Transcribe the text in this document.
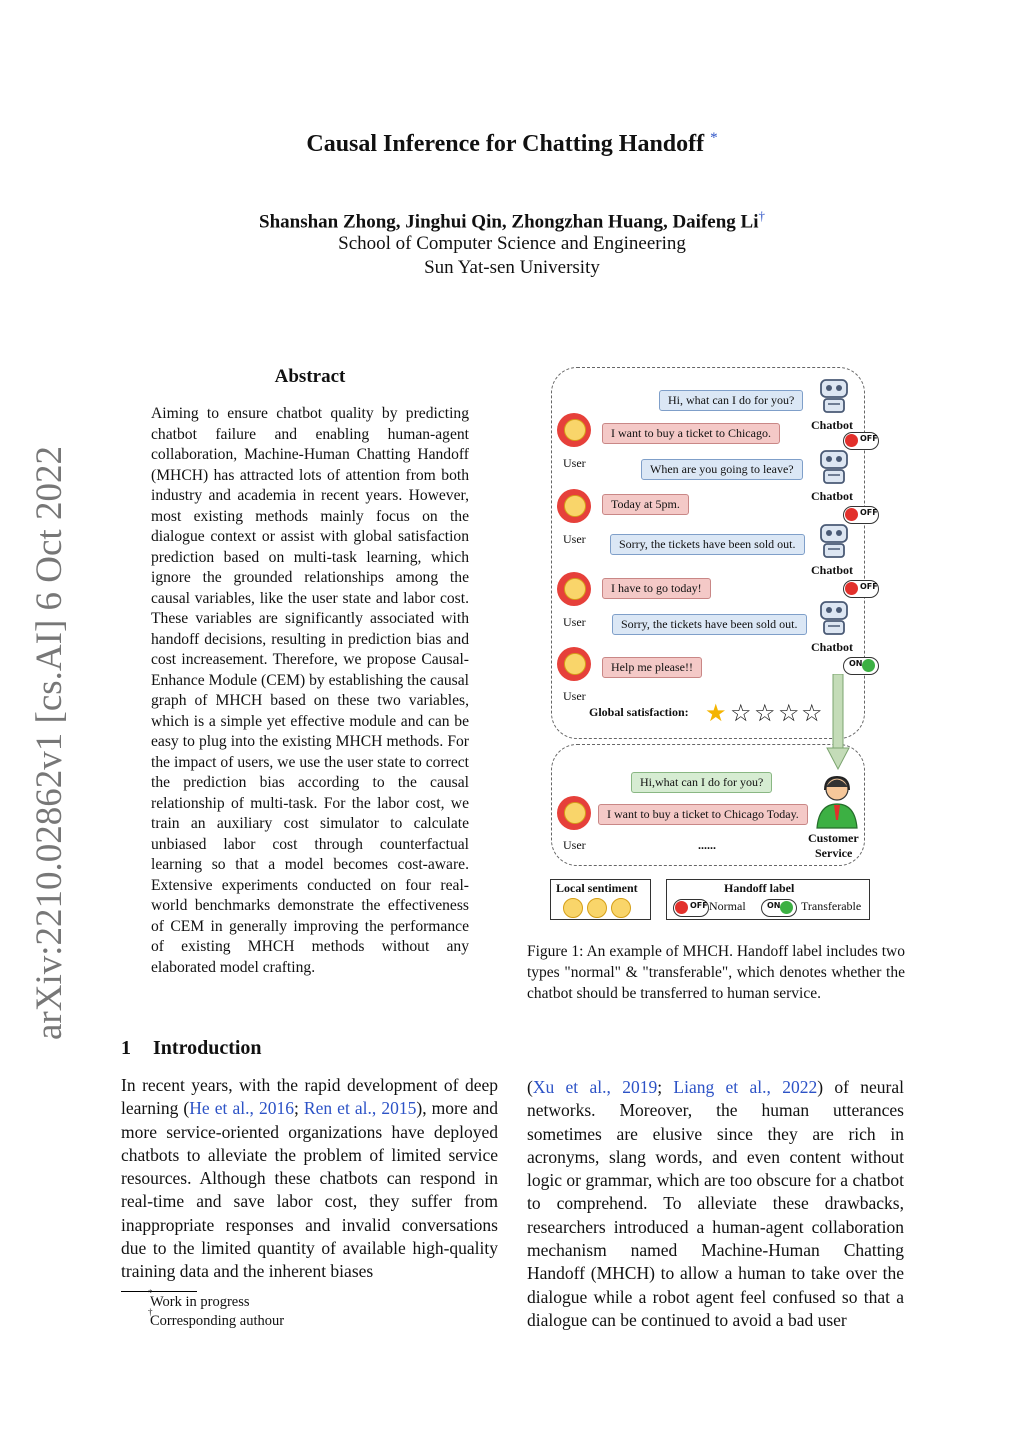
arXiv:2210.02862v1 [cs.AI] 6 Oct 2022
Causal Inference for Chatting Handoff *
Shanshan Zhong, Jinghui Qin, Zhongzhan Huang, Daifeng Li†
School of Computer Science and Engineering
Sun Yat-sen University
Abstract
Aiming to ensure chatbot quality by predicting chatbot failure and enabling human-agent collaboration, Machine-Human Chatting Handoff (MHCH) has attracted lots of attention from both industry and academia in recent years. However, most existing methods mainly focus on the dialogue context or assist with global satisfaction prediction based on multi-task learning, which ignore the grounded relationships among the causal variables, like the user state and labor cost. These variables are significantly associated with handoff decisions, resulting in prediction bias and cost increasement. Therefore, we propose Causal-Enhance Module (CEM) by establishing the causal graph of MHCH based on these two variables, which is a simple yet effective module and can be easy to plug into the existing MHCH methods. For the impact of users, we use the user state to correct the prediction bias according to the causal relationship of multi-task. For the labor cost, we train an auxiliary cost simulator to calculate unbiased labor cost through counterfactual learning so that a model becomes cost-aware. Extensive experiments conducted on four real-world benchmarks demonstrate the effectiveness of CEM in generally improving the performance of existing MHCH methods without any elaborated model crafting.
1 Introduction
In recent years, with the rapid development of deep learning (He et al., 2016; Ren et al., 2015), more and more service-oriented organizations have deployed chatbots to alleviate the problem of limited service resources. Although these chatbots can respond in real-time and save labor cost, they suffer from inappropriate responses and invalid conversations due to the limited quantity of available high-quality training data and the inherent biases
(Xu et al., 2019; Liang et al., 2022) of neural networks. Moreover, the human utterances sometimes are elusive since they are rich in acronyms, slang words, and even content without logic or grammar, which are too obscure for a chatbot to comprehend. To alleviate these drawbacks, researchers introduced a human-agent collaboration mechanism named Machine-Human Chatting Handoff (MHCH) to allow a human to take over the dialogue while a robot agent feel confused so that a dialogue can be continued to avoid a bad user
*
Work in progress
†
Corresponding authour
Hi, what can I do for you?
When are you going to leave?
Sorry, the tickets have been sold out.
Sorry, the tickets have been sold out.
I want to buy a ticket to Chicago.
Today at 5pm.
I have to go today!
Help me please!!
User
User
User
User
Chatbot
Chatbot
Chatbot
Chatbot
OFF
OFF
OFF
ON
Global satisfaction: ★ ☆ ☆ ☆ ☆
Hi,what can I do for you?
I want to buy a ticket to Chicago Today.
User	......	Customer
Service
Local sentiment	Handoff label
OFF Normal	ON Transferable
Figure 1: An example of MHCH. Handoff label includes two types "normal" & "transferable", which denotes whether the chatbot should be transferred to human service.
